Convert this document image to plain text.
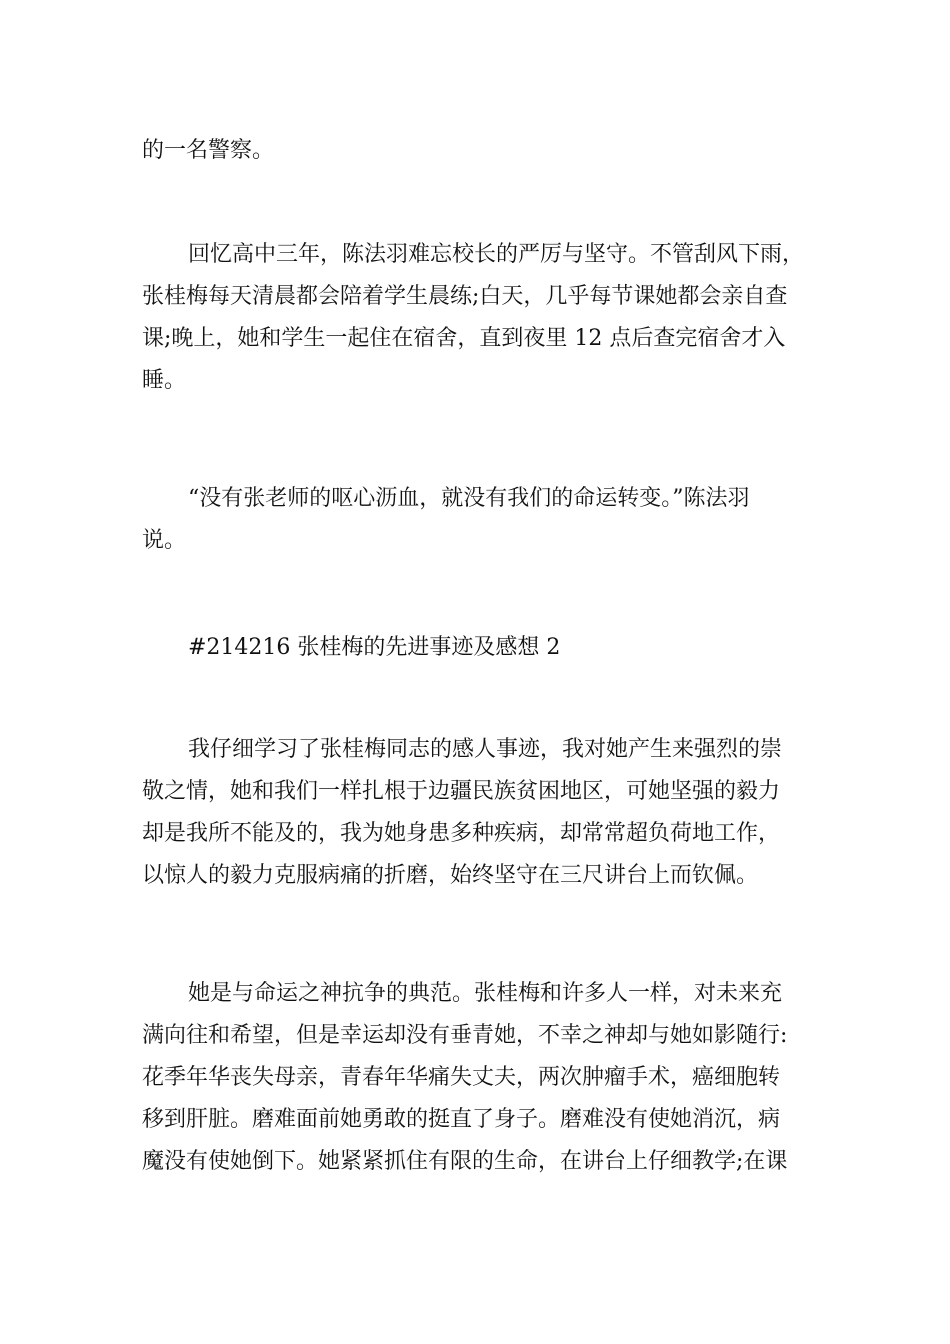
的一名警察。
回忆高中三年，陈法羽难忘校长的严厉与坚守。不管刮风下雨，
张桂梅每天清晨都会陪着学生晨练;白天，几乎每节课她都会亲自查
课;晚上，她和学生一起住在宿舍，直到夜里 12 点后查完宿舍才入
睡。
“没有张老师的呕心沥血，就没有我们的命运转变。”陈法羽
说。
#214216 张桂梅的先进事迹及感想 2
我仔细学习了张桂梅同志的感人事迹，我对她产生来强烈的崇
敬之情，她和我们一样扎根于边疆民族贫困地区，可她坚强的毅力
却是我所不能及的，我为她身患多种疾病，却常常超负荷地工作，
以惊人的毅力克服病痛的折磨，始终坚守在三尺讲台上而钦佩。
她是与命运之神抗争的典范。张桂梅和许多人一样，对未来充
满向往和希望，但是幸运却没有垂青她，不幸之神却与她如影随行:
花季年华丧失母亲，青春年华痛失丈夫，两次肿瘤手术，癌细胞转
移到肝脏。磨难面前她勇敢的挺直了身子。磨难没有使她消沉，病
魔没有使她倒下。她紧紧抓住有限的生命，在讲台上仔细教学;在课
